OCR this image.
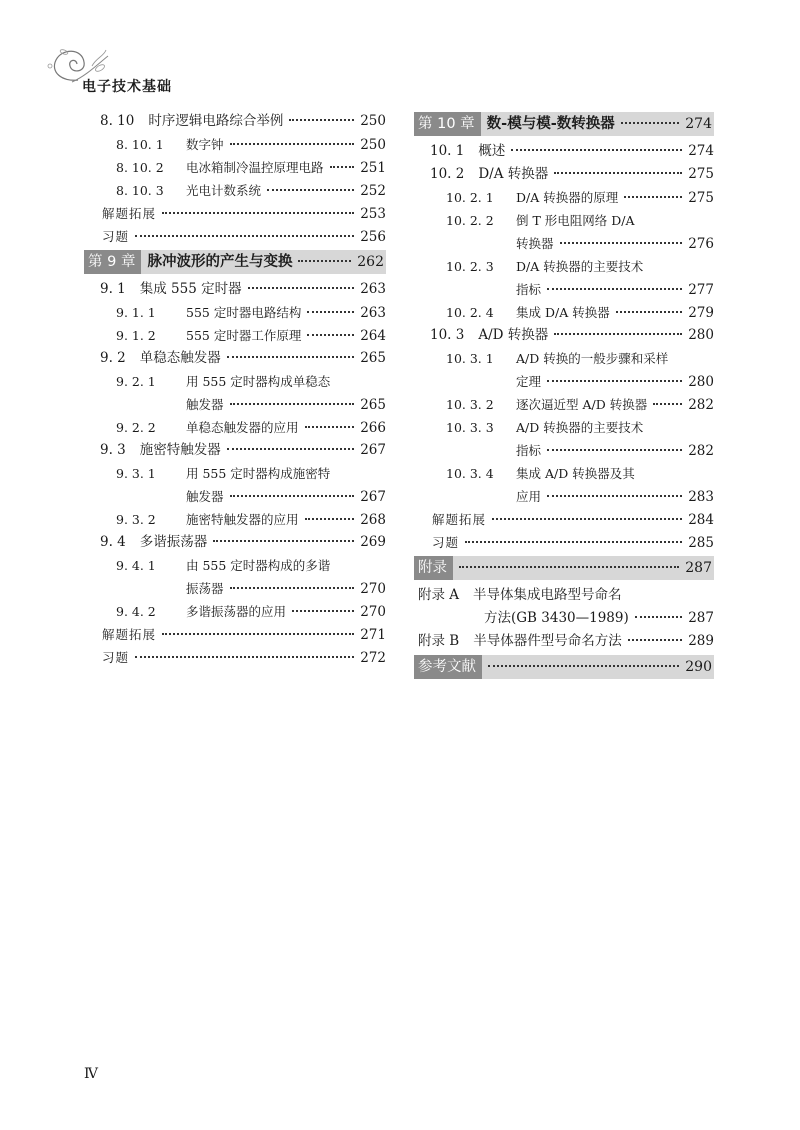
电子技术基础
8. 10 时序逻辑电路综合举例	250
8. 10. 1	数字钟	250
8. 10. 2	电冰箱制冷温控原理电路	251
8. 10. 3	光电计数系统	252
解题拓展	253
习题	256
第 9 章 脉冲波形的产生与变换	262
9. 1 集成 555 定时器	263
9. 1. 1	555 定时器电路结构	263
9. 1. 2	555 定时器工作原理	264
9. 2 单稳态触发器	265
9. 2. 1	用 555 定时器构成单稳态
触发器	265
9. 2. 2	单稳态触发器的应用	266
9. 3 施密特触发器	267
9. 3. 1	用 555 定时器构成施密特
触发器	267
9. 3. 2	施密特触发器的应用	268
9. 4 多谐振荡器	269
9. 4. 1	由 555 定时器构成的多谐
振荡器	270
9. 4. 2	多谐振荡器的应用	270
解题拓展	271
习题	272
第 10 章 数-模与模-数转换器	274
10. 1 概述	274
10. 2 D/A 转换器	275
10. 2. 1	D/A 转换器的原理	275
10. 2. 2	倒 T 形电阻网络 D/A
转换器	276
10. 2. 3	D/A 转换器的主要技术
指标	277
10. 2. 4	集成 D/A 转换器	279
10. 3 A/D 转换器	280
10. 3. 1	A/D 转换的一般步骤和采样
定理	280
10. 3. 2	逐次逼近型 A/D 转换器	282
10. 3. 3	A/D 转换器的主要技术
指标	282
10. 3. 4	集成 A/D 转换器及其
应用	283
解题拓展	284
习题	285
附录	287
附录 A 半导体集成电路型号命名
方法(GB 3430—1989)	287
附录 B 半导体器件型号命名方法	289
参考文献	290
Ⅳ
